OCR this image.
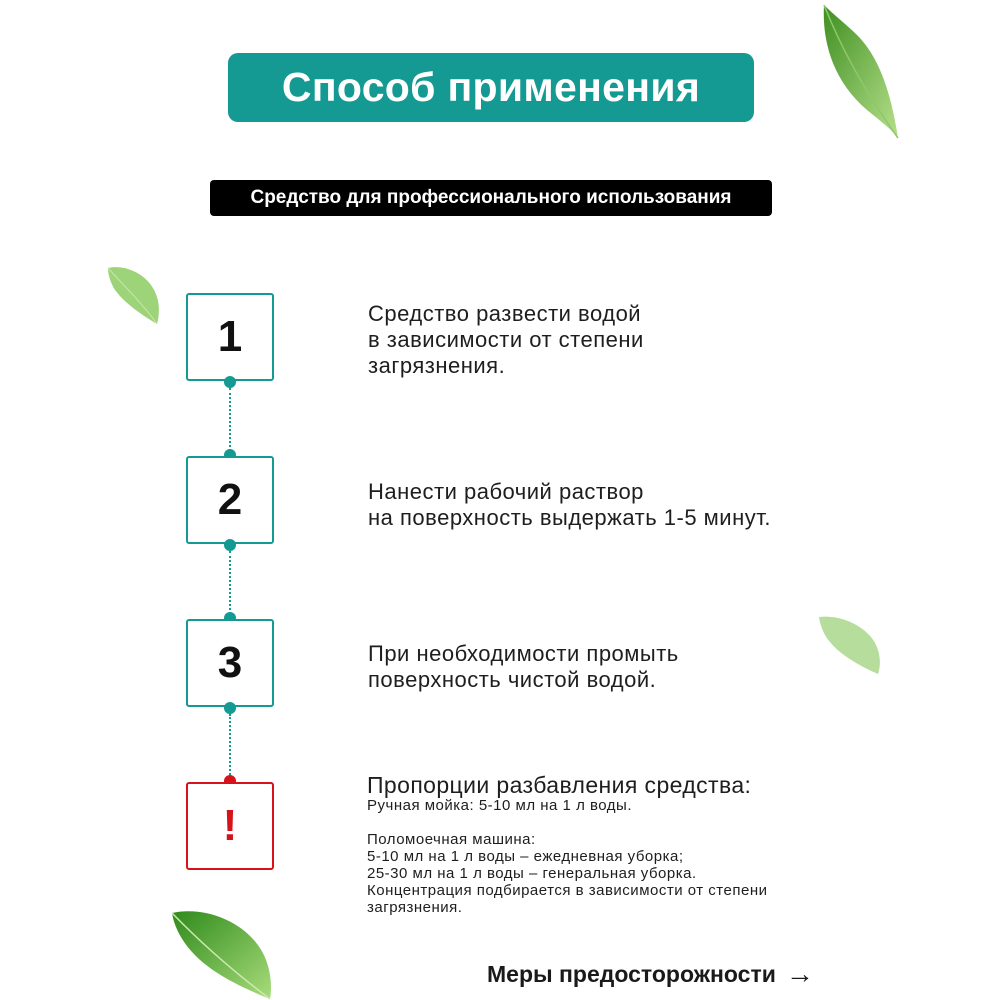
Способ применения
Средство для профессионального использования
1	Средство развести водой
в зависимости от степени
загрязнения.
2	Нанести рабочий раствор
на поверхность выдержать 1-5 минут.
3	При необходимости промыть
поверхность чистой водой.
!
Пропорции разбавления средства:
Ручная мойка: 5-10 мл на 1 л воды.
Поломоечная машина:
5-10 мл на 1 л воды – ежедневная уборка;
25-30 мл на 1 л воды – генеральная уборка.
Концентрация подбирается в зависимости от степени
загрязнения.
Меры предосторожности →
